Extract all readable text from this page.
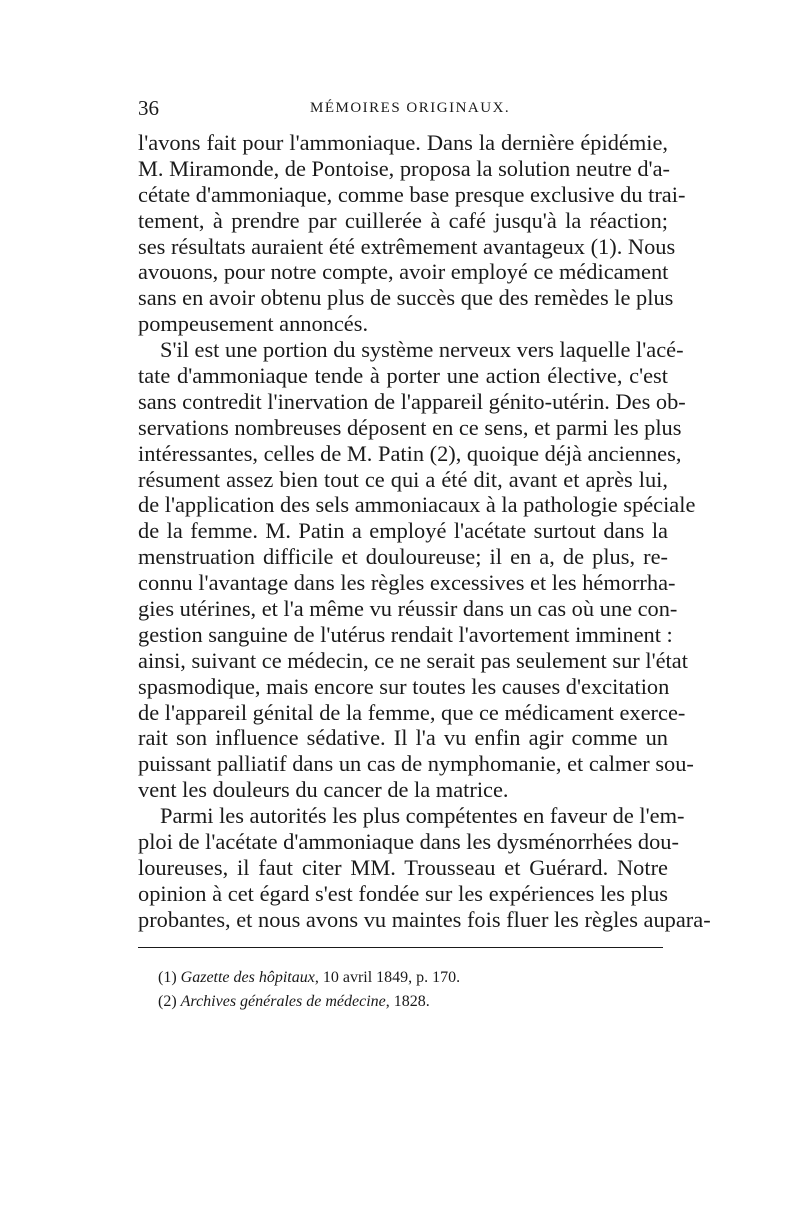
36	MÉMOIRES ORIGINAUX.
l'avons fait pour l'ammoniaque. Dans la dernière épidémie,
M. Miramonde, de Pontoise, proposa la solution neutre d'a-
cétate d'ammoniaque, comme base presque exclusive du trai-
tement, à prendre par cuillerée à café jusqu'à la réaction;
ses résultats auraient été extrêmement avantageux (1). Nous
avouons, pour notre compte, avoir employé ce médicament
sans en avoir obtenu plus de succès que des remèdes le plus
pompeusement annoncés.
S'il est une portion du système nerveux vers laquelle l'acé-
tate d'ammoniaque tende à porter une action élective, c'est
sans contredit l'inervation de l'appareil génito-utérin. Des ob-
servations nombreuses déposent en ce sens, et parmi les plus
intéressantes, celles de M. Patin (2), quoique déjà anciennes,
résument assez bien tout ce qui a été dit, avant et après lui,
de l'application des sels ammoniacaux à la pathologie spéciale
de la femme. M. Patin a employé l'acétate surtout dans la
menstruation difficile et douloureuse; il en a, de plus, re-
connu l'avantage dans les règles excessives et les hémorrha-
gies utérines, et l'a même vu réussir dans un cas où une con-
gestion sanguine de l'utérus rendait l'avortement imminent :
ainsi, suivant ce médecin, ce ne serait pas seulement sur l'état
spasmodique, mais encore sur toutes les causes d'excitation
de l'appareil génital de la femme, que ce médicament exerce-
rait son influence sédative. Il l'a vu enfin agir comme un
puissant palliatif dans un cas de nymphomanie, et calmer sou-
vent les douleurs du cancer de la matrice.
Parmi les autorités les plus compétentes en faveur de l'em-
ploi de l'acétate d'ammoniaque dans les dysménorrhées dou-
loureuses, il faut citer MM. Trousseau et Guérard. Notre
opinion à cet égard s'est fondée sur les expériences les plus
probantes, et nous avons vu maintes fois fluer les règles aupara-
(1) Gazette des hôpitaux, 10 avril 1849, p. 170.
(2) Archives générales de médecine, 1828.
